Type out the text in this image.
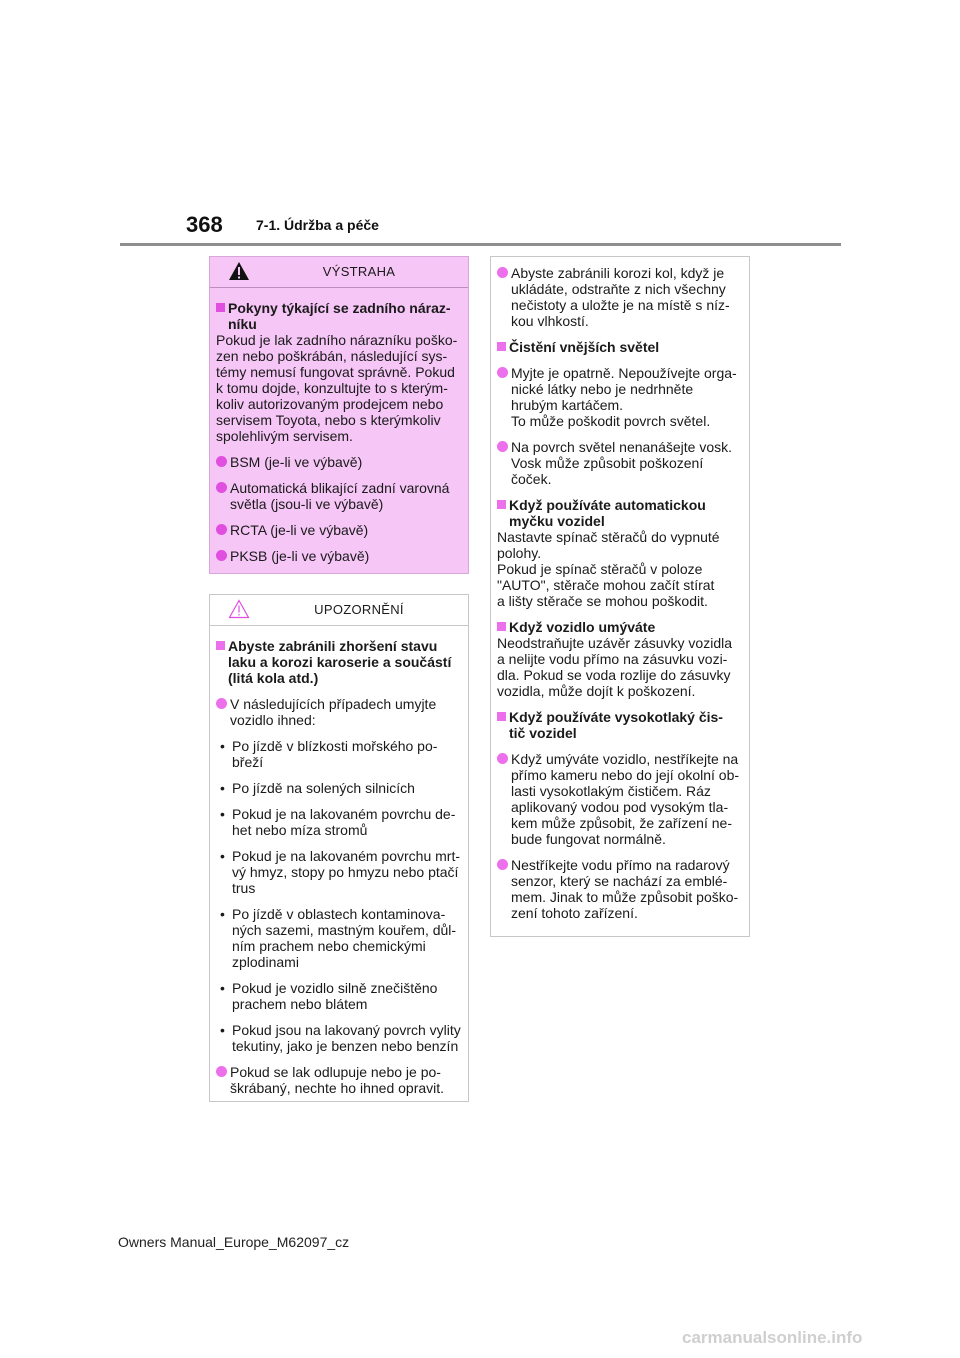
368 7-1. Údržba a péče
VÝSTRAHA
Pokyny týkající se zadního náraz-
níku

Pokud je lak zadního nárazníku poško-
zen nebo poškrábán, následující sys-
témy nemusí fungovat správně. Pokud
k tomu dojde, konzultujte to s kterým-
koliv autorizovaným prodejcem nebo
servisem Toyota, nebo s kterýmkoliv
spolehlivým servisem.

BSM (je-li ve výbavě)
Automatická blikající zadní varovná
světla (jsou-li ve výbavě)
RCTA (je-li ve výbavě)
PKSB (je-li ve výbavě)
UPOZORNĚNÍ
Abyste zabránili zhoršení stavu
laku a korozi karoserie a součástí
(litá kola atd.)
V následujících případech umyjte
vozidlo ihned:
• Po jízdě v blízkosti mořského po-
břeží
• Po jízdě na solených silnicích
• Pokud je na lakovaném povrchu de-
het nebo míza stromů
• Pokud je na lakovaném povrchu mrt-
vý hmyz, stopy po hmyzu nebo ptačí
trus
• Po jízdě v oblastech kontaminova-
ných sazemi, mastným kouřem, důl-
ním prachem nebo chemickými
zplodinami
• Pokud je vozidlo silně znečištěno
prachem nebo blátem
• Pokud jsou na lakovaný povrch vylity
tekutiny, jako je benzen nebo benzín
Pokud se lak odlupuje nebo je po-
škrábaný, nechte ho ihned opravit.
Abyste zabránili korozi kol, když je
ukládáte, odstraňte z nich všechny
nečistoty a uložte je na místě s níz-
kou vlhkostí.
Čistění vnějších světel
Myjte je opatrně. Nepoužívejte orga-
nické látky nebo je nedrhněte
hrubým kartáčem.
To může poškodit povrch světel.
Na povrch světel nenanášejte vosk.
Vosk může způsobit poškození
čoček.
Když používáte automatickou
myčku vozidel

Nastavte spínač stěračů do vypnuté
polohy.
Pokud je spínač stěračů v poloze
"AUTO", stěrače mohou začít stírat
a lišty stěrače se mohou poškodit.

Když vozidlo umýváte

Neodstraňujte uzávěr zásuvky vozidla
a nelijte vodu přímo na zásuvku vozi-
dla. Pokud se voda rozlije do zásuvky
vozidla, může dojít k poškození.

Když používáte vysokotlaký čis-
tič vozidel
Když umýváte vozidlo, nestříkejte na
přímo kameru nebo do její okolní ob-
lasti vysokotlakým čističem. Ráz
aplikovaný vodou pod vysokým tla-
kem může způsobit, že zařízení ne-
bude fungovat normálně.
Nestříkejte vodu přímo na radarový
senzor, který se nachází za emblé-
mem. Jinak to může způsobit poško-
zení tohoto zařízení.
Owners Manual_Europe_M62097_cz
carmanualsonline.info
